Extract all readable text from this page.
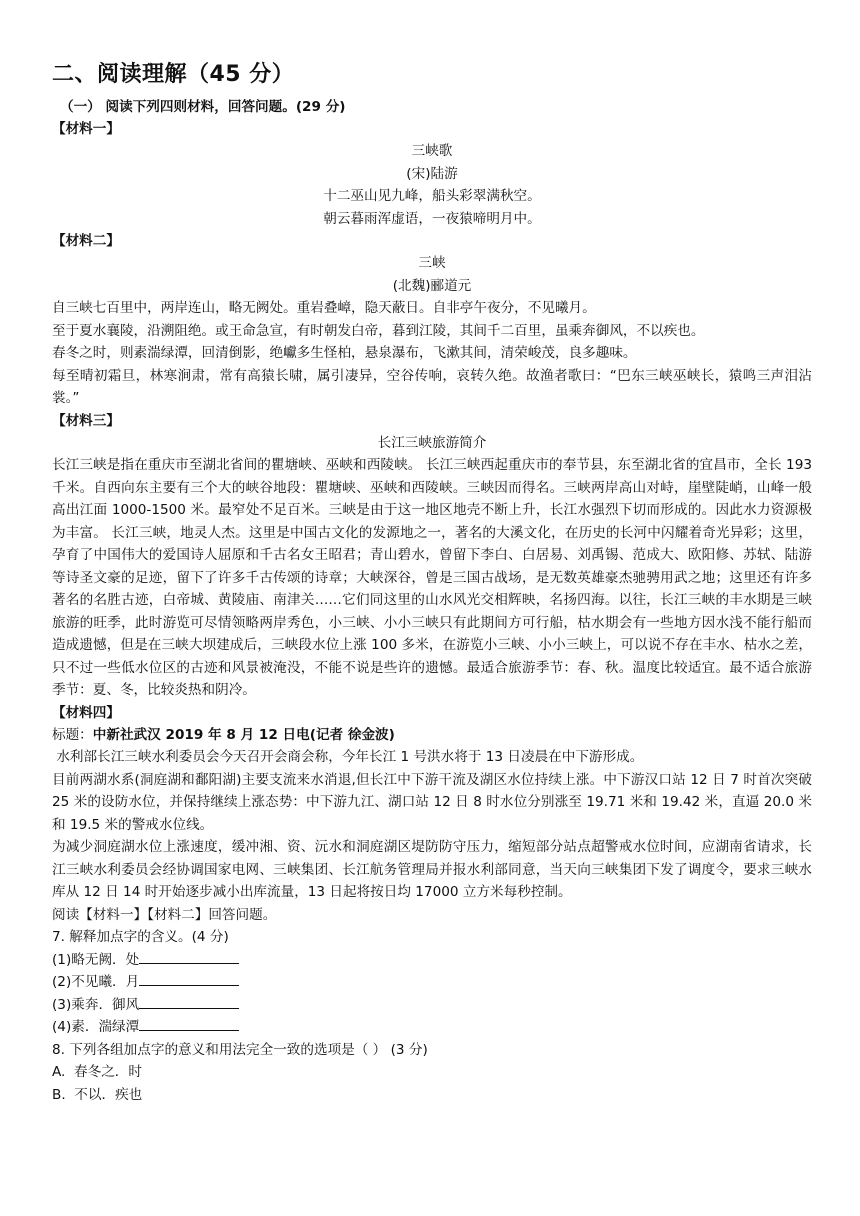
二、阅读理解（45 分）
（一） 阅读下列四则材料，回答问题。(29 分)
【材料一】
三峡歌
(宋)陆游
十二巫山见九峰，船头彩翠满秋空。
朝云暮雨浑虚语，一夜猿啼明月中。
【材料二】
三峡
(北魏)郦道元
自三峡七百里中，两岸连山，略无阙处。重岩叠嶂，隐天蔽日。自非亭午夜分，不见曦月。
至于夏水襄陵，沿溯阻绝。或王命急宣，有时朝发白帝，暮到江陵，其间千二百里，虽乘奔御风，不以疾也。
春冬之时，则素湍绿潭，回清倒影，绝巘多生怪柏，悬泉瀑布，飞漱其间，清荣峻茂，良多趣味。
每至晴初霜旦，林寒涧肃，常有高猿长啸，属引凄异，空谷传响，哀转久绝。故渔者歌曰：“巴东三峡巫峡长，猿鸣三声泪沾裳。”
【材料三】
长江三峡旅游简介
长江三峡是指在重庆市至湖北省间的瞿塘峡、巫峡和西陵峡。 长江三峡西起重庆市的奉节县，东至湖北省的宜昌市，全长 193 千米。自西向东主要有三个大的峡谷地段：瞿塘峡、巫峡和西陵峡。三峡因而得名。三峡两岸高山对峙，崖壁陡峭，山峰一般高出江面 1000-1500 米。最窄处不足百米。三峡是由于这一地区地壳不断上升，长江水强烈下切而形成的。因此水力资源极为丰富。 长江三峡，地灵人杰。这里是中国古文化的发源地之一，著名的大溪文化，在历史的长河中闪耀着奇光异彩；这里，孕育了中国伟大的爱国诗人屈原和千古名女王昭君；青山碧水，曾留下李白、白居易、刘禹锡、范成大、欧阳修、苏轼、陆游等诗圣文豪的足迹，留下了许多千古传颂的诗章；大峡深谷，曾是三国古战场，是无数英雄豪杰驰骋用武之地；这里还有许多著名的名胜古迹，白帝城、黄陵庙、南津关……它们同这里的山水风光交相辉映，名扬四海。以往，长江三峡的丰水期是三峡旅游的旺季，此时游览可尽情领略两岸秀色，小三峡、小小三峡只有此期间方可行船，枯水期会有一些地方因水浅不能行船而造成遗憾，但是在三峡大坝建成后，三峡段水位上涨 100 多米，在游览小三峡、小小三峡上，可以说不存在丰水、枯水之差，只不过一些低水位区的古迹和风景被淹没，不能不说是些许的遗憾。最适合旅游季节：春、秋。温度比较适宜。最不适合旅游季节：夏、冬，比较炎热和阴冷。
【材料四】
标题：中新社武汉 2019 年 8 月 12 日电(记者 徐金波)
水利部长江三峡水利委员会今天召开会商会称，今年长江 1 号洪水将于 13 日凌晨在中下游形成。
目前两湖水系(洞庭湖和鄱阳湖)主要支流来水消退,但长江中下游干流及湖区水位持续上涨。中下游汉口站 12 日 7 时首次突破 25 米的设防水位，并保持继续上涨态势：中下游九江、湖口站 12 日 8 时水位分别涨至 19.71 米和 19.42 米，直逼 20.0 米和 19.5 米的警戒水位线。
为减少洞庭湖水位上涨速度，缓冲湘、资、沅水和洞庭湖区堤防防守压力，缩短部分站点超警戒水位时间，应湖南省请求，长江三峡水利委员会经协调国家电网、三峡集团、长江航务管理局并报水利部同意，当天向三峡集团下发了调度令，要求三峡水库从 12 日 14 时开始逐步减小出库流量，13 日起将按日均 17000 立方米每秒控制。
阅读【材料一】【材料二】回答问题。
7. 解释加点字的含义。(4 分)
(1)略无阙．处
(2)不见曦．月
(3)乘奔．御风
(4)素．湍绿潭
8. 下列各组加点字的意义和用法完全一致的选项是（ ） (3 分)
A.  春冬之．时
B.  不以．疾也
